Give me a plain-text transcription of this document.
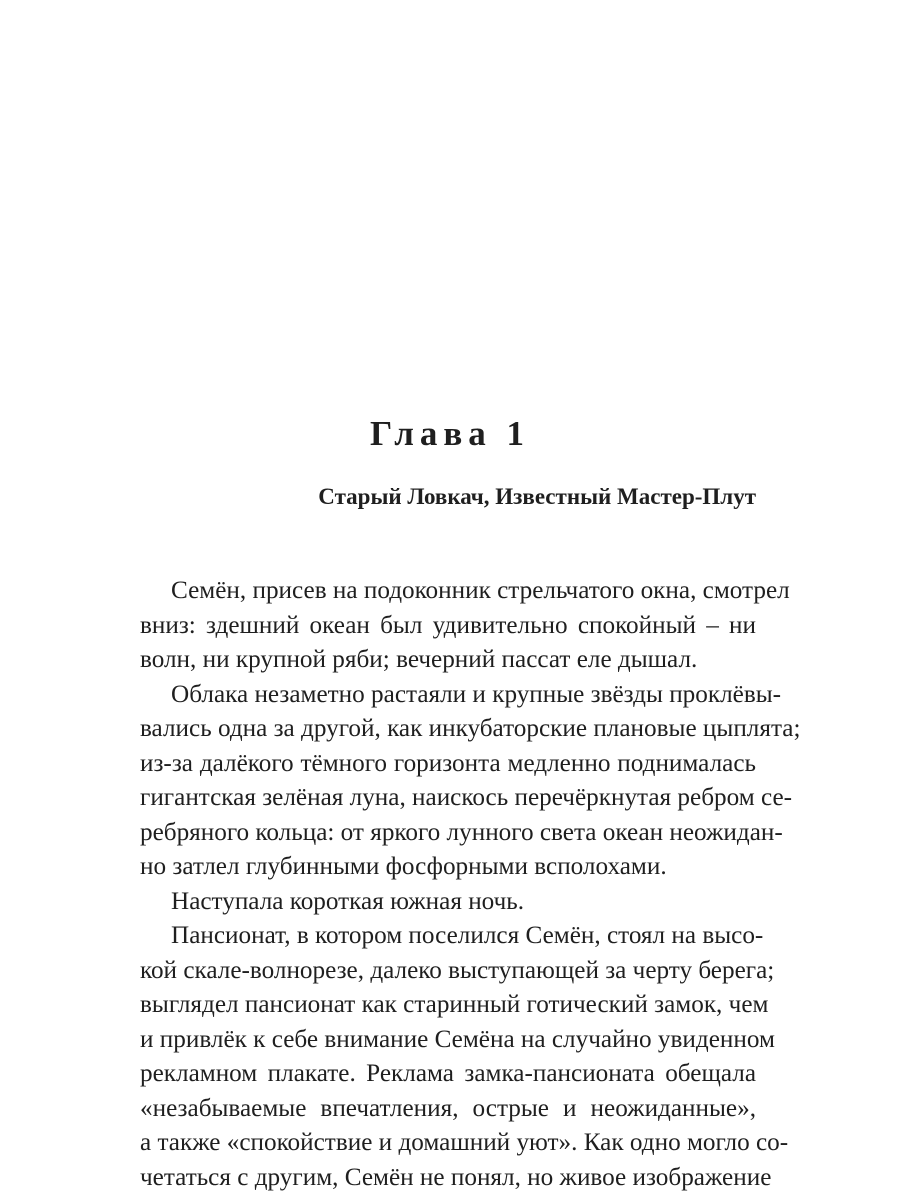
Глава 1
Старый Ловкач, Известный Мастер-Плут

Семён, присев на подоконник стрельчатого окна, смотрел
вниз: здешний океан был удивительно спокойный – ни
волн, ни крупной ряби; вечерний пассат еле дышал.

Облака незаметно растаяли и крупные звёзды проклёвы-
вались одна за другой, как инкубаторские плановые цыплята;
из-за далёкого тёмного горизонта медленно поднималась
гигантская зелёная луна, наискось перечёркнутая ребром се-
ребряного кольца: от яркого лунного света океан неожидан-
но затлел глубинными фосфорными всполохами.

Наступала короткая южная ночь.

Пансионат, в котором поселился Семён, стоял на высо-
кой скале-волнорезе, далеко выступающей за черту берега;
выглядел пансионат как старинный готический замок, чем
и привлёк к себе внимание Семёна на случайно увиденном
рекламном плакате. Реклама замка-пансионата обещала
«незабываемые впечатления, острые и неожиданные»,
а также «спокойствие и домашний уют». Как одно могло со-
четаться с другим, Семён не понял, но живое изображение
